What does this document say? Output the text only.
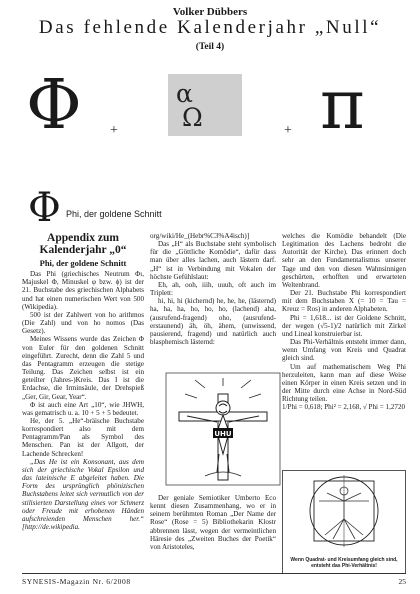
Volker Dübbers
Das fehlende Kalenderjahr „Null“
(Teil 4)
Φ +
α
Ω	+ π
Φ Phi, der goldene Schnitt
Appendix zum Kalenderjahr „0“
Phi, der goldene Schnitt

Das Phi (griechisches Neutrum Φι, Majuskel Φ, Minuskel φ bzw. ϕ) ist der 21. Buchstabe des griechischen Alphabets und hat einen numerischen Wert von 500 (Wikipedia).

500 ist der Zahlwert von ho arithmos (Die Zahl) und von ho nomos (Das Gesetz).

Meines Wissens wurde das Zeichen Φ von Euler für den goldenen Schnitt eingeführt. Zurecht, denn die Zahl 5 und das Pentagramm erzeugen die stetige Teilung. Das Zeichen selbst ist ein geteilter (Jahres-)Kreis. Das I ist die Erdachse, die Irminsäule, der Drehspieß „Ger, Gir, Gear, Year“.

Φ ist auch eine Art „10“, wie JHWH, was gematrisch u. a. 10 + 5 + 5 bedeutet.

He, der 5. „He“-bräische Buchstabe korrespondiert also mit dem Pentagramm/Pan als Symbol des Menschen. Pan ist der Allgott, der Lachende Schrecken!

„Das He ist ein Konsonant, aus dem sich der griechische Vokal Epsilon und das lateinische E abgeleitet haben. Die Form des ursprünglich phönizischen Buchstabens leitet sich vermutlich von der stilisierten Darstellung eines vor Schmerz oder Freude mit erhobenen Händen aufschreienden Menschen her.“ [http://de.wikipedia.

org/wiki/He_(Hebr%C3%A4isch)]

Das „H“ als Buchstabe steht symbolisch für die „Göttliche Komödie“, dafür dass man über alles lachen, auch lästern darf. „H“ ist in Verbindung mit Vokalen der höchste Gefühlslaut:

Eh, ah, ooh, iiih, uuuh, oft auch im Triplett:

hi, hi, hi (kichernd) he, he, he, (lästernd) ha, ha, ha, ho, ho, ho, (lachend) aha, (ausrufend-fragend) oho, (ausrufend-erstaunend) äh, öh, ähem, (unwissend, pausierend, fragend) und natürlich auch blasphemisch lästernd:

UHU

Der geniale Semiotiker Umberto Eco kennt diesen Zusammenhang, wo er in seinem berühmten Roman „Der Name der Rose“ (Rose = 5) Bibliothekarin Klostr abbrennen lässt, wegen der vermeintlichen Häresie des „Zweiten Buches der Poetik“ von Aristoteles,

welches die Komödie behandelt (Die Legitimation des Lachens bedroht die Autorität der Kirche). Das erinnert doch sehr an den Fundamentalismus unserer Tage und den von diesen Wahnsinnigen geschürten, erhofften und erwarteten Weltenbrand.

Der 21. Buchstabe Phi korrespondiert mit dem Buchstaben X (= 10 = Tau = Kreuz = Ros) in anderen Alphabeten.

Phi = 1,618... ist der Goldene Schnitt, der wegen (√5-1)/2 natürlich mit Zirkel und Lineal konstruierbar ist.

Das Phi-Verhältnis entsteht immer dann, wenn Umfang von Kreis und Quadrat gleich sind.

Um auf mathematischem Weg Phi herzuleiten, kann man auf diese Weise einen Körper in einen Kreis setzen und in der Mitte durch eine Achse in Nord-Süd Richtung teilen.

1/Phi = 0,618; Phi² = 2,168, √ Phi = 1,2720

Wenn Quadrat- und Kreisumfang gleich sind, entsteht das Phi-Verhältnis!
SYNESIS-Magazin Nr. 6/2008	25
